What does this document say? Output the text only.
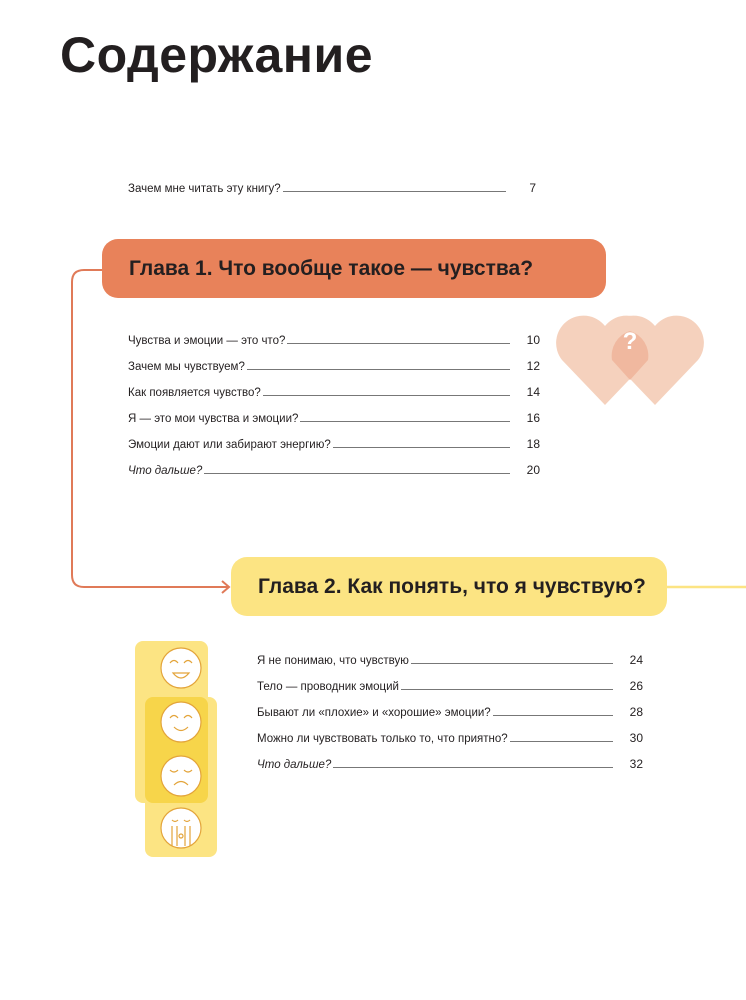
Содержание
Зачем мне читать эту книгу?	7
Глава 1. Что вообще такое — чувства?
Чувства и эмоции — это что?	10
Зачем мы чувствуем?	12
Как появляется чувство?	14
Я — это мои чувства и эмоции?	16
Эмоции дают или забирают энергию?	18
Что дальше?	20
Глава 2. Как понять, что я чувствую?
Я не понимаю, что чувствую	24
Тело — проводник эмоций	26
Бывают ли «плохие» и «хорошие» эмоции?	28
Можно ли чувствовать только то, что приятно?	30
Что дальше?	32
?
